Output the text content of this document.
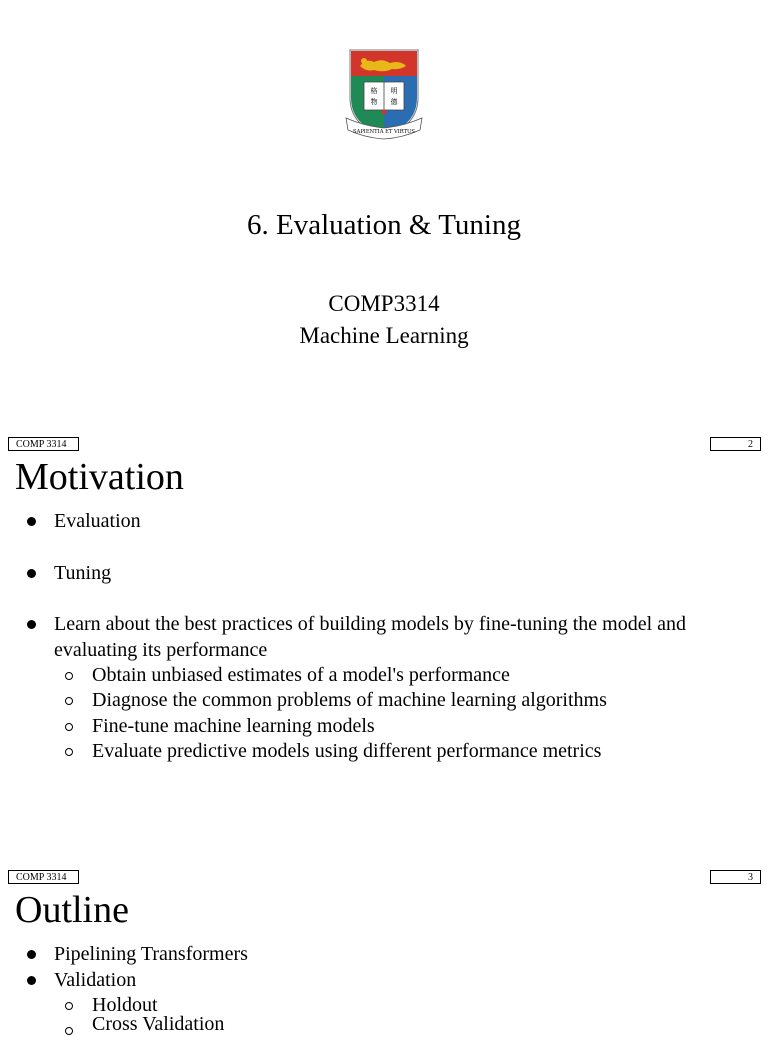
格 明
物 德
SAPIENTIA ET VIRTUS
6. Evaluation & Tuning
COMP3314
Machine Learning
COMP 3314	2
Motivation
Evaluation
Tuning
Learn about the best practices of building models by fine-tuning the model and
evaluating its performance
Obtain unbiased estimates of a model's performance
Diagnose the common problems of machine learning algorithms
Fine-tune machine learning models
Evaluate predictive models using different performance metrics
COMP 3314	3
Outline
Pipelining Transformers
Validation
Holdout
Cross Validation
